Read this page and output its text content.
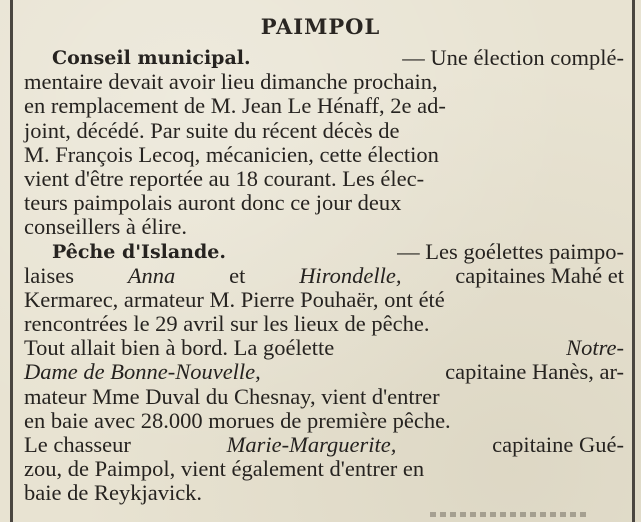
PAIMPOL
Conseil municipal.	— Une élection complé-
mentaire devait avoir lieu dimanche prochain,
en remplacement de M. Jean Le Hénaff, 2e ad-
joint, décédé. Par suite du récent décès de
M. François Lecoq, mécanicien, cette élection
vient d'être reportée au 18 courant. Les élec-
teurs paimpolais auront donc ce jour deux
conseillers à élire.
Pêche d'Islande.	— Les goélettes paimpo-
laises Anna et Hirondelle, capitaines Mahé et
Kermarec, armateur M. Pierre Pouhaër, ont été
rencontrées le 29 avril sur les lieux de pêche.
Tout allait bien à bord. La goélette	Notre-
Dame de Bonne-Nouvelle,	capitaine Hanès, ar-
mateur Mme Duval du Chesnay, vient d'entrer
en baie avec 28.000 morues de première pêche.
Le chasseur	Marie-Marguerite,	capitaine Gué-
zou, de Paimpol, vient également d'entrer en
baie de Reykjavick.
